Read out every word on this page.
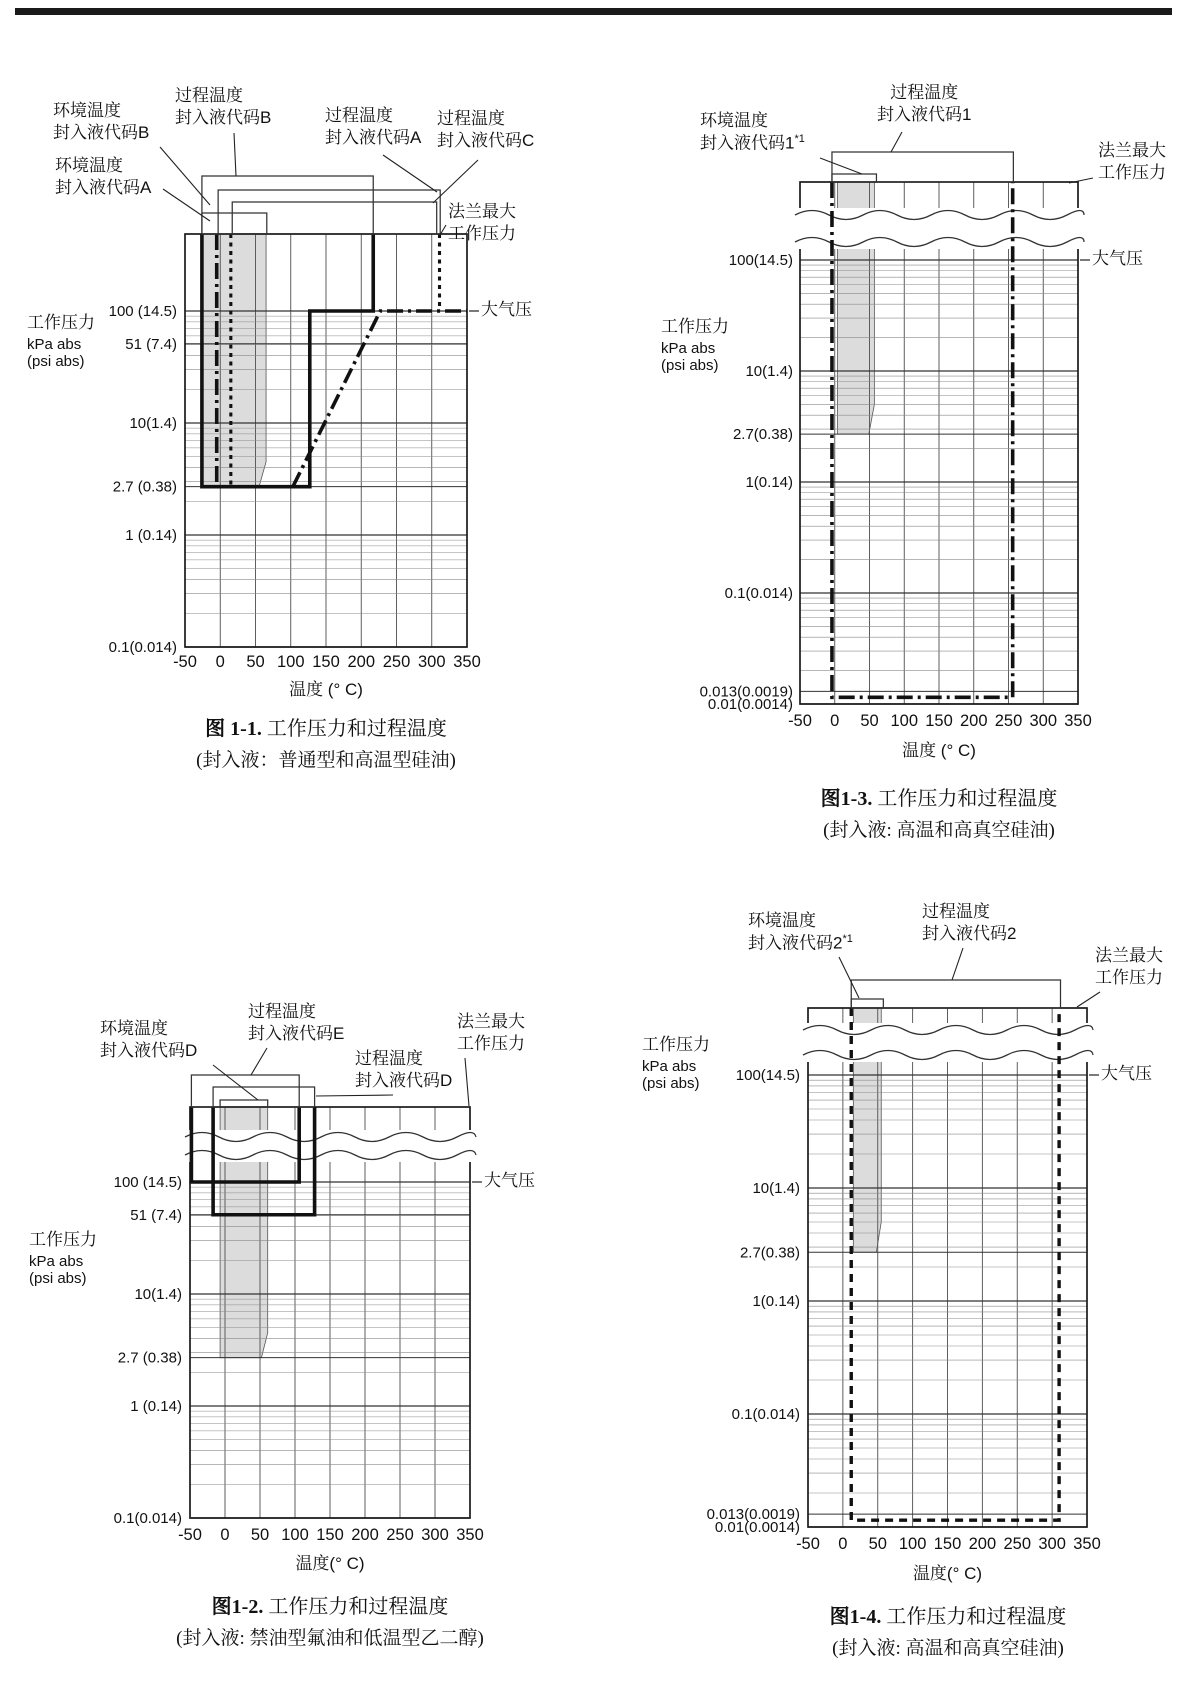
100 (14.5)
51 (7.4)
10(1.4)
2.7 (0.38)
1 (0.14)
0.1(0.014)
-50 0 50 100 150 200 250 300 350
温度 (° C)
工作压力
kPa abs
(psi abs)
环境温度
封入液代码B
过程温度
封入液代码B	过程温度
封入液代码A
过程温度
封入液代码C
环境温度
封入液代码A
法兰最大
工作压力
大气压
100(14.5)
10(1.4)
2.7(0.38)
1(0.14)
0.1(0.014)
0.013(0.0019)
0.01(0.0014)
-50 0 50 100 150 200 250 300 350
温度 (° C)
工作压力
kPa abs
(psi abs)
过程温度
封入液代码1
环境温度
封入液代码1$^{*1}$
法兰最大
工作压力
大气压
100 (14.5)
51 (7.4)
10(1.4)
2.7 (0.38)
1 (0.14)
0.1(0.014)
-50 0 50 100 150 200 250 300 350
温度(° C)
工作压力
kPa abs
(psi abs)
环境温度
封入液代码D
过程温度
封入液代码E
过程温度
封入液代码D
法兰最大
工作压力
大气压
100(14.5)
10(1.4)
2.7(0.38)
1(0.14)
0.1(0.014)
0.013(0.0019)
0.01(0.0014)
-50 0 50 100 150 200 250 300 350
温度(° C)
工作压力
kPa abs
(psi abs)
环境温度
封入液代码2$^{*1}$
过程温度
封入液代码2
法兰最大
工作压力
大气压
图 1-1. 工作压力和过程温度
(封入液：普通型和高温型硅油)
图1-3. 工作压力和过程温度
(封入液: 高温和高真空硅油)
图1-2. 工作压力和过程温度
(封入液: 禁油型氟油和低温型乙二醇)
图1-4. 工作压力和过程温度
(封入液: 高温和高真空硅油)
